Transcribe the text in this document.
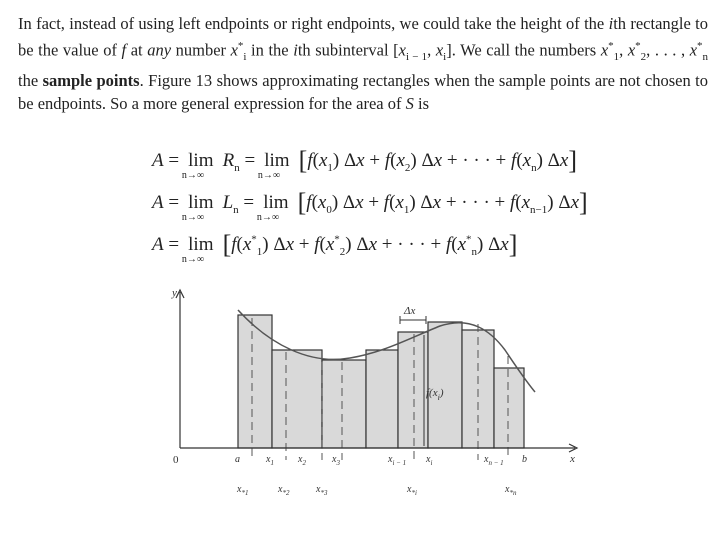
In fact, instead of using left endpoints or right endpoints, we could take the height of the ith rectangle to be the value of f at any number $x^*_i$ in the ith subinterval [$x_{i - 1}$, $x_i$]. We call the numbers $x^*_1$, $x^*_2$, . . . , $x^*_n$ the sample points. Figure 13 shows approximating rectangles when the sample points are not chosen to be endpoints. So a more general expression for the area of S is

A = lim
n→∞
$R_n = \lim$
n→∞
[$f(x_1) \Delta x + f(x_2) \Delta x$ + · · · + $f(x_n)$ Δx]
A = lim
n→∞
$L_n = \lim$
n→∞
[$f(x_0) \Delta x + f(x_1) \Delta x$ + · · · + $f(x_{n-1})$ Δx]
A = lim
n→∞
[$f(x^*_1) \Delta x + f(x^*_2) \Delta x$ + · · · + $f(x^*_n)$ Δx]
Δx
$f(x_i)$
y
x
0	a	$x_1$ $x_2$	$x_3$	$x_{i - 1}$ $x_i$	$x_{n - 1}$ b
$x_*1$	$x_*2$	$x_*3$	$x_*i$	$x_*n$
